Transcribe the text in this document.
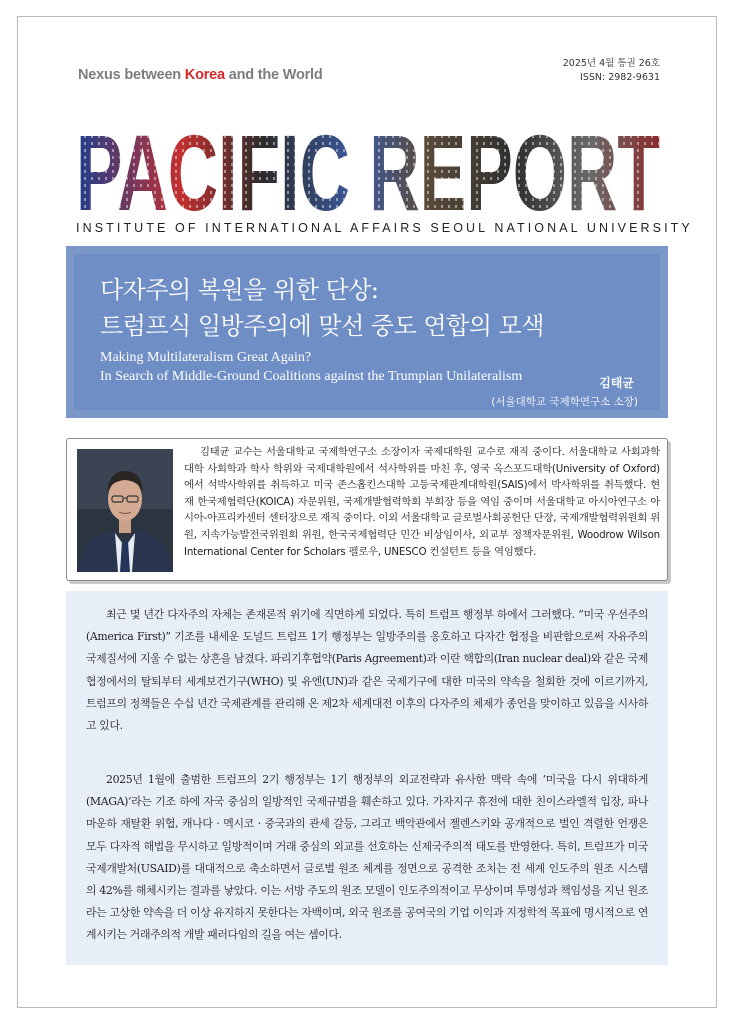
Nexus between Korea and the World
2025년 4월 통권 26호
ISSN: 2982-9631
PACIFIC REPORT
PACIFIC REPORT
INSTITUTE OF INTERNATIONAL AFFAIRS SEOUL NATIONAL UNIVERSITY
다자주의 복원을 위한 단상:
트럼프식 일방주의에 맞선 중도 연합의 모색
Making Multilateralism Great Again?
In Search of Middle-Ground Coalitions against the Trumpian Unilateralism	김태균
(서울대학교 국제학연구소 소장)
김태균 교수는 서울대학교 국제학연구소 소장이자 국제대학원 교수로 재직 중이다. 서울대학교 사회과학대학 사회학과 학사 학위와 국제대학원에서 석사학위를 마친 후, 영국 옥스포드대학(University of Oxford)에서 석박사학위를 취득하고 미국 존스홉킨스대학 고등국제관계대학원(SAIS)에서 박사학위를 취득했다. 현재 한국제협력단(KOICA) 자문위원, 국제개발협력학회 부회장 등을 역임 중이며 서울대학교 아시아연구소 아시아-아프리카센터 센터장으로 재직 중이다. 이외 서울대학교 글로벌사회공헌단 단장, 국제개발협력위원회 위원, 지속가능발전국위원회 위원, 한국국제협력단 민간 비상임이사, 외교부 정책자문위원, Woodrow Wilson International Center for Scholars 펠로우, UNESCO 컨설턴트 등을 역임했다.
최근 몇 년간 다자주의 자체는 존재론적 위기에 직면하게 되었다. 특히 트럼프 행정부 하에서 그러했다. “미국 우선주의(America First)” 기조를 내세운 도널드 트럼프 1기 행정부는 일방주의를 옹호하고 다자간 협정을 비판함으로써 자유주의 국제질서에 지울 수 없는 상흔을 남겼다. 파리기후협약(Paris Agreement)과 이란 핵합의(Iran nuclear deal)와 같은 국제 협정에서의 탈퇴부터 세계보건기구(WHO) 및 유엔(UN)과 같은 국제기구에 대한 미국의 약속을 철회한 것에 이르기까지, 트럼프의 정책들은 수십 년간 국제관계를 관리해 온 제2차 세계대전 이후의 다자주의 체제가 종언을 맞이하고 있음을 시사하고 있다.
2025년 1월에 출범한 트럼프의 2기 행정부는 1기 행정부의 외교전략과 유사한 맥락 속에 ‘미국을 다시 위대하게(MAGA)’라는 기조 하에 자국 중심의 일방적인 국제규범을 훼손하고 있다. 가자지구 휴전에 대한 친이스라엘적 입장, 파나마운하 재탈환 위협, 캐나다 · 멕시코 · 중국과의 관세 갈등, 그리고 백악관에서 젤렌스키와 공개적으로 벌인 격렬한 언쟁은 모두 다자적 해법을 무시하고 일방적이며 거래 중심의 외교를 선호하는 신제국주의적 태도를 반영한다. 특히, 트럼프가 미국국제개발처(USAID)를 대대적으로 축소하면서 글로벌 원조 체계를 정면으로 공격한 조치는 전 세계 인도주의 원조 시스템의 42%를 해체시키는 결과를 낳았다. 이는 서방 주도의 원조 모델이 인도주의적이고 무상이며 투명성과 책임성을 지닌 원조라는 고상한 약속을 더 이상 유지하지 못한다는 자백이며, 외국 원조를 공여국의 기업 이익과 지정학적 목표에 명시적으로 연계시키는 거래주의적 개발 패러다임의 길을 여는 셈이다.
